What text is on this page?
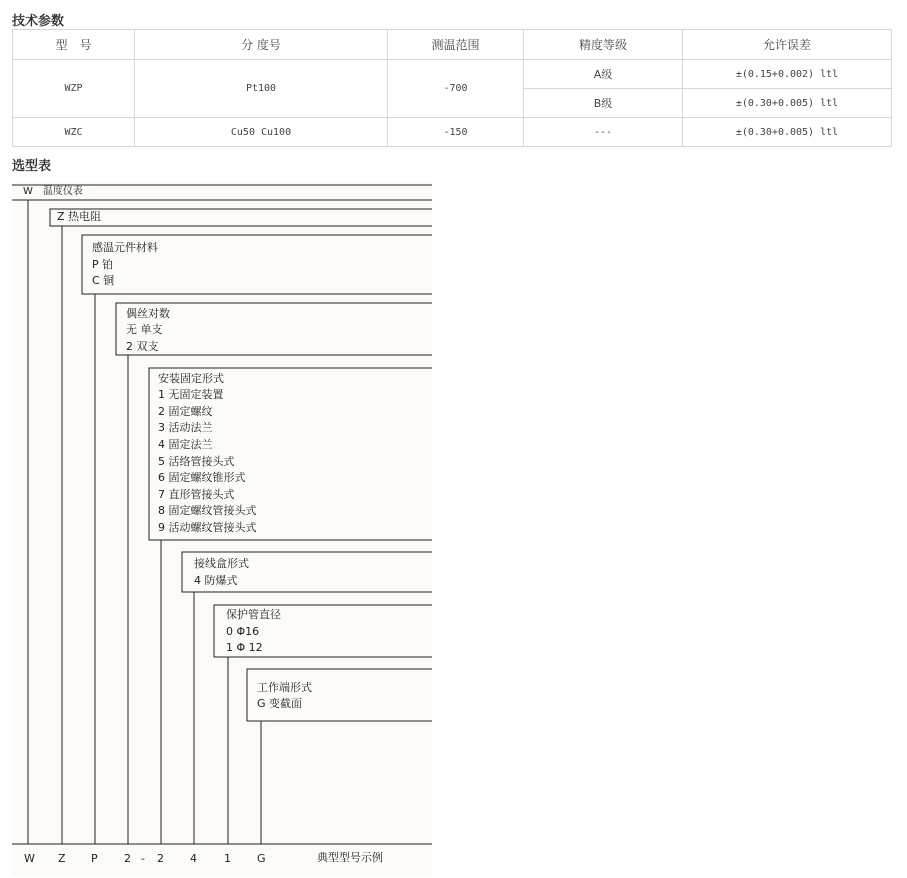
技术参数
型　号	分 度号	测温范围	精度等级	允许误差
WZP	Pt100	-700	A级	±(0.15+0.002) ltl
			B级	±(0.30+0.005) ltl
WZC	Cu50 Cu100	-150	---	±(0.30+0.005) ltl
选型表
W　温度仪表
Z 热电阻
感温元件材料
P 铂
C 铜
偶丝对数
无 单支
2 双支
安装固定形式
1 无固定装置
2 固定螺纹
3 活动法兰
4 固定法兰
5 活络管接头式
6 固定螺纹锥形式
7 直形管接头式
8 固定螺纹管接头式
9 活动螺纹管接头式
接线盒形式
4 防爆式
保护管直径
0 Φ16
1 Φ 12
工作端形式
G 变截面
W Z P 2 - 2 4 1 G	典型型号示例
